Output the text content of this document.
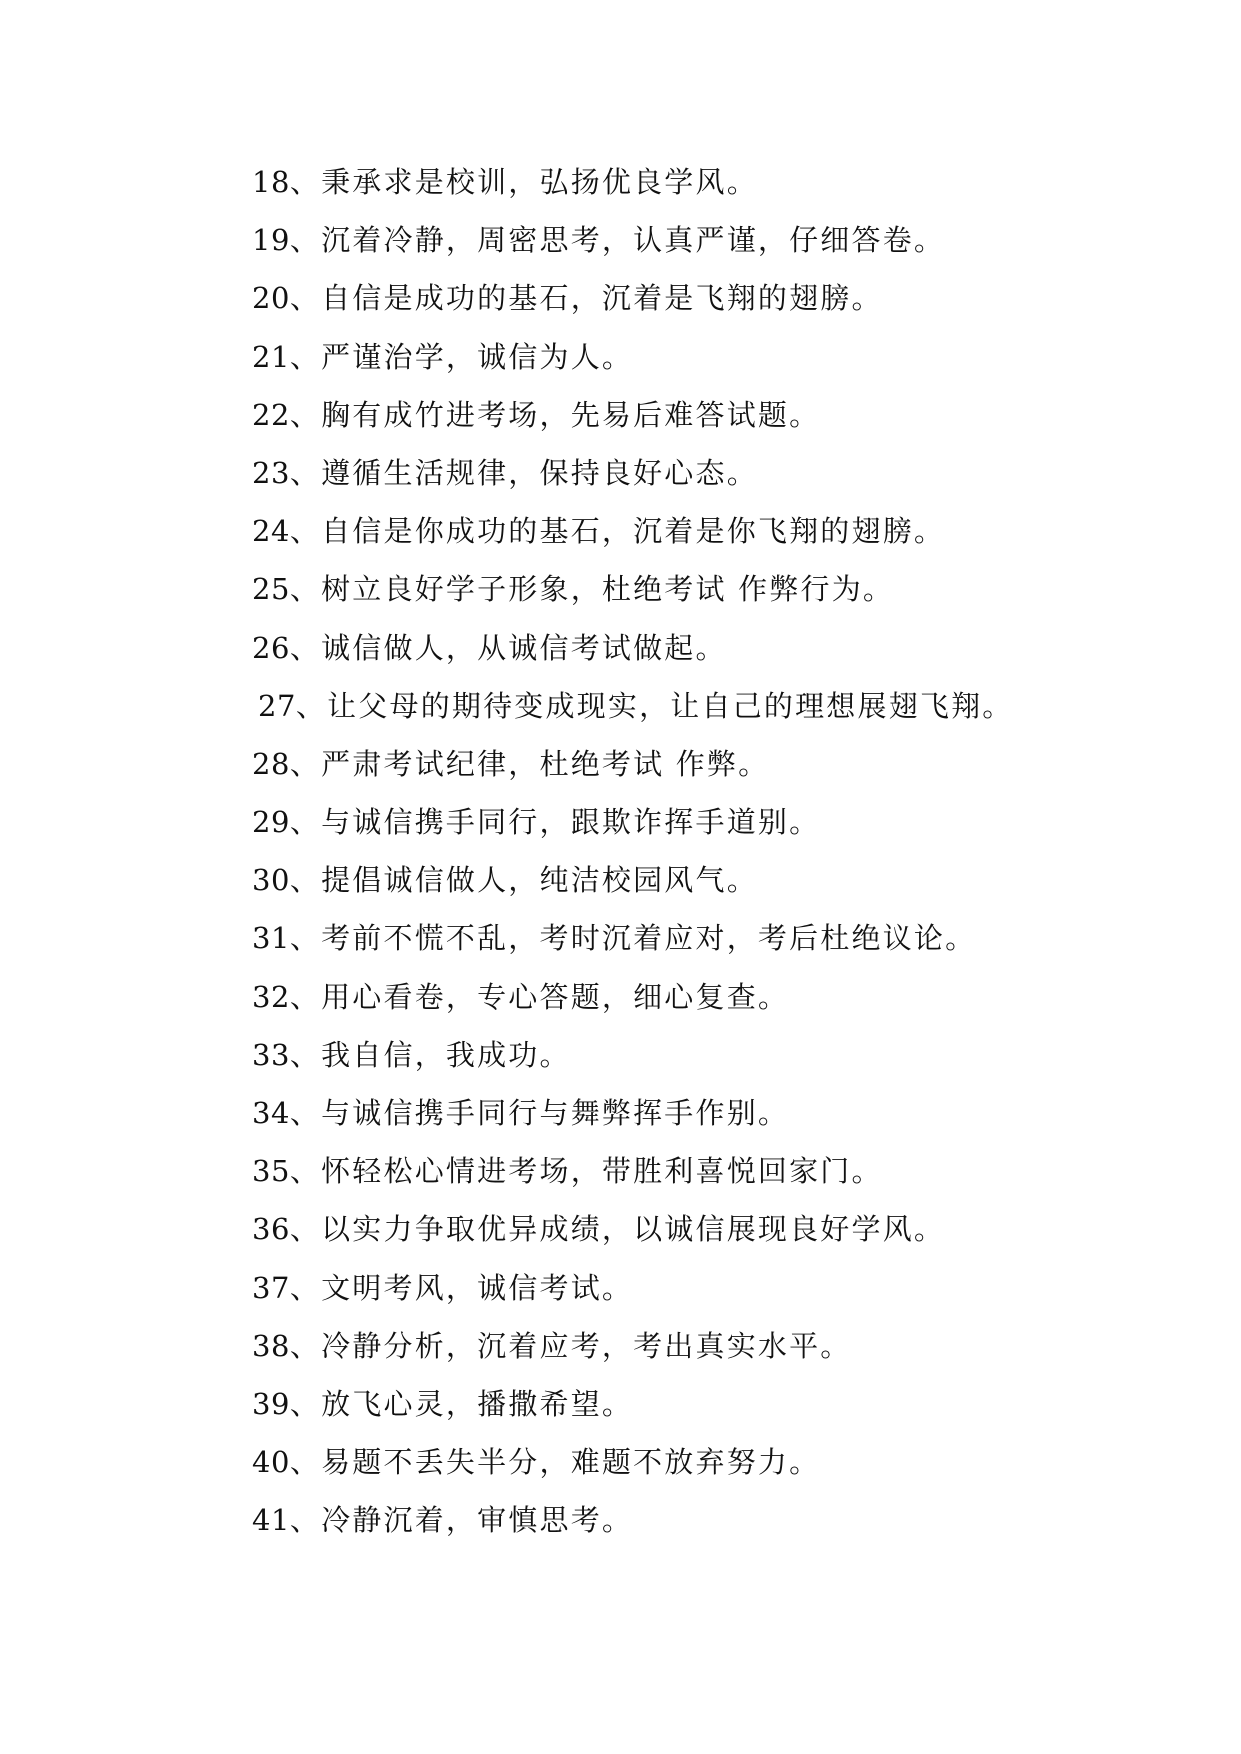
18、秉承求是校训，弘扬优良学风。
19、沉着冷静，周密思考，认真严谨，仔细答卷。
20、自信是成功的基石，沉着是飞翔的翅膀。
21、严谨治学，诚信为人。
22、胸有成竹进考场，先易后难答试题。
23、遵循生活规律，保持良好心态。
24、自信是你成功的基石，沉着是你飞翔的翅膀。
25、树立良好学子形象，杜绝考试 作弊行为。
26、诚信做人，从诚信考试做起。
27、让父母的期待变成现实，让自己的理想展翅飞翔。
28、严肃考试纪律，杜绝考试 作弊。
29、与诚信携手同行，跟欺诈挥手道别。
30、提倡诚信做人，纯洁校园风气。
31、考前不慌不乱，考时沉着应对，考后杜绝议论。
32、用心看卷，专心答题，细心复查。
33、我自信，我成功。
34、与诚信携手同行与舞弊挥手作别。
35、怀轻松心情进考场，带胜利喜悦回家门。
36、以实力争取优异成绩，以诚信展现良好学风。
37、文明考风，诚信考试。
38、冷静分析，沉着应考，考出真实水平。
39、放飞心灵，播撒希望。
40、易题不丢失半分，难题不放弃努力。
41、冷静沉着，审慎思考。
